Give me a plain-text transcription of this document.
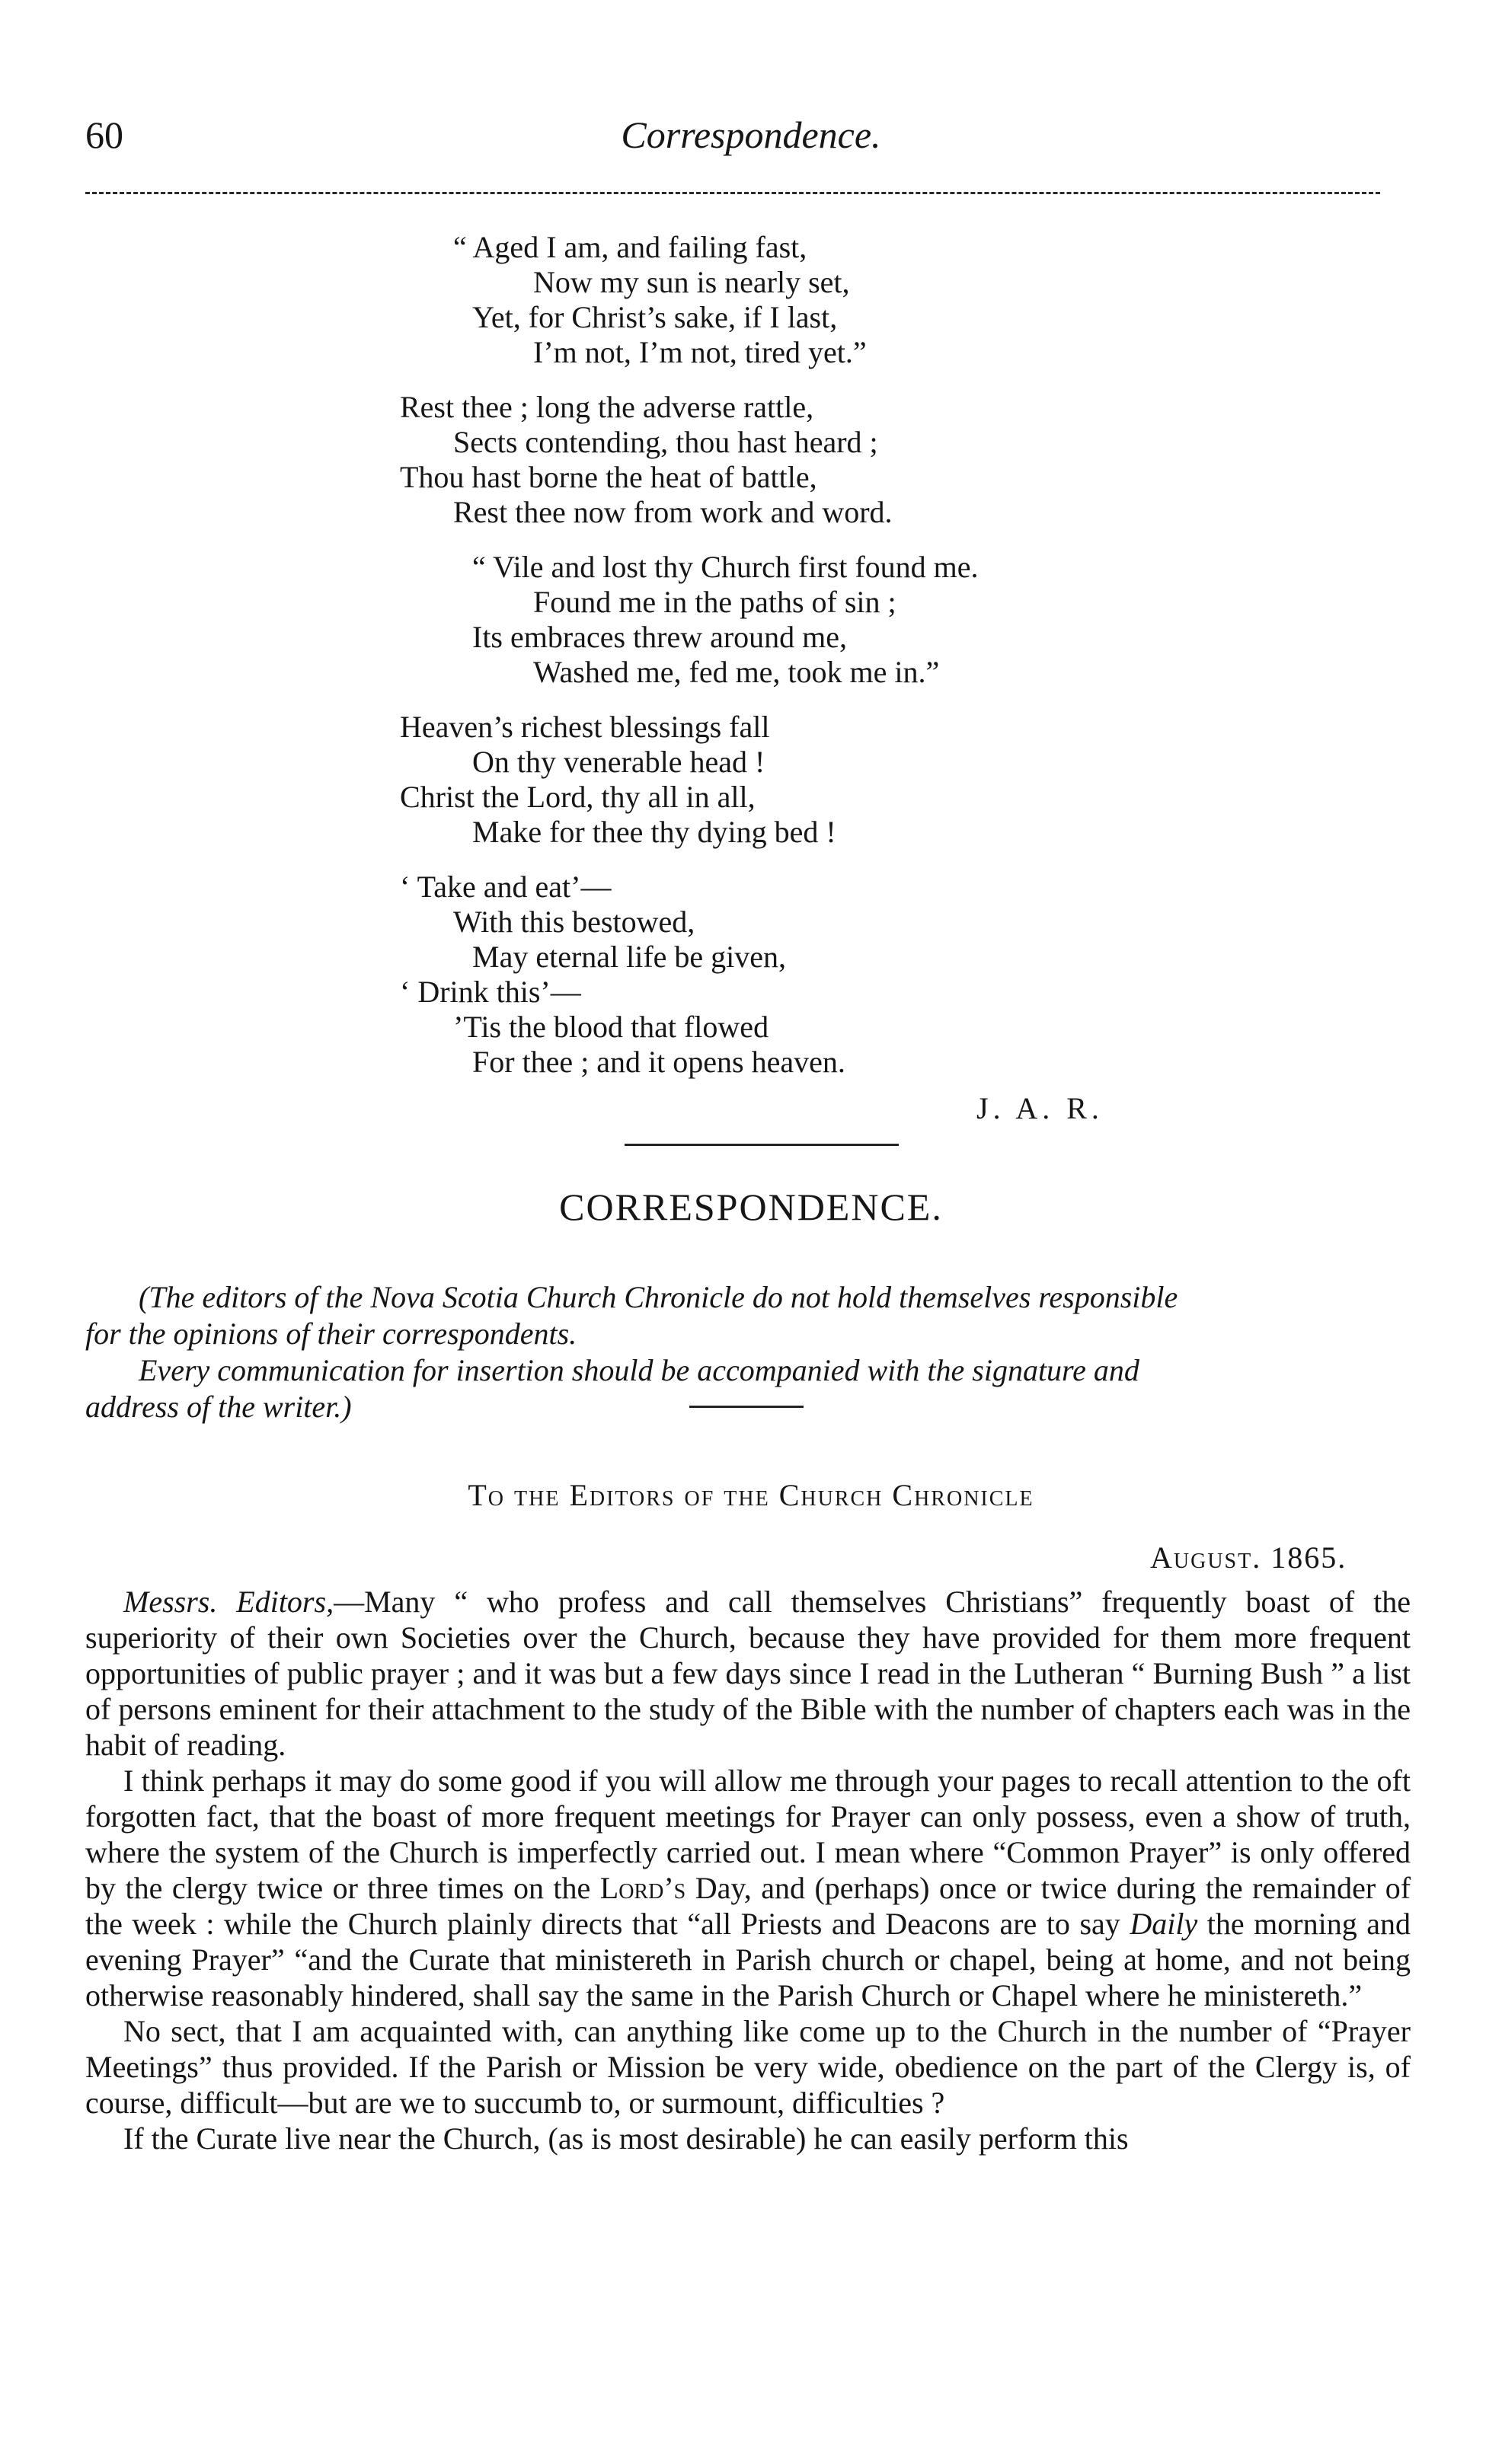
60	Correspondence.
“ Aged I am, and failing fast,
Now my sun is nearly set,
Yet, for Christ’s sake, if I last,
I’m not, I’m not, tired yet.”
Rest thee ; long the adverse rattle,
Sects contending, thou hast heard ;
Thou hast borne the heat of battle,
Rest thee now from work and word.
“ Vile and lost thy Church first found me.
Found me in the paths of sin ;
Its embraces threw around me,
Washed me, fed me, took me in.”
Heaven’s richest blessings fall
On thy venerable head !
Christ the Lord, thy all in all,
Make for thee thy dying bed !
‘ Take and eat’—
With this bestowed,
May eternal life be given,
‘ Drink this’—
’Tis the blood that flowed
For thee ; and it opens heaven.
J. A. R.
CORRESPONDENCE.

(The editors of the Nova Scotia Church Chronicle do not hold themselves responsible

for the opinions of their correspondents.

Every communication for insertion should be accompanied with the signature and

address of the writer.)

To the Editors of the Church Chronicle
August. 1865.

Messrs. Editors,—Many “ who profess and call themselves Christians” frequently boast of the superiority of their own Societies over the Church, because they have provided for them more frequent opportunities of public prayer ; and it was but a few days since I read in the Lutheran “ Burning Bush ” a list of persons eminent for their attachment to the study of the Bible with the number of chapters each was in the habit of reading.

I think perhaps it may do some good if you will allow me through your pages to recall attention to the oft forgotten fact, that the boast of more frequent meetings for Prayer can only possess, even a show of truth, where the system of the Church is imperfectly carried out. I mean where “Common Prayer” is only offered by the clergy twice or three times on the Lord’s Day, and (perhaps) once or twice during the remainder of the week : while the Church plainly directs that “all Priests and Deacons are to say Daily the morning and evening Prayer” “and the Curate that ministereth in Parish church or chapel, being at home, and not being otherwise reasonably hindered, shall say the same in the Parish Church or Chapel where he ministereth.”

No sect, that I am acquainted with, can anything like come up to the Church in the number of “Prayer Meetings” thus provided. If the Parish or Mission be very wide, obedience on the part of the Clergy is, of course, difficult—but are we to succumb to, or surmount, difficulties ?

If the Curate live near the Church, (as is most desirable) he can easily perform this
